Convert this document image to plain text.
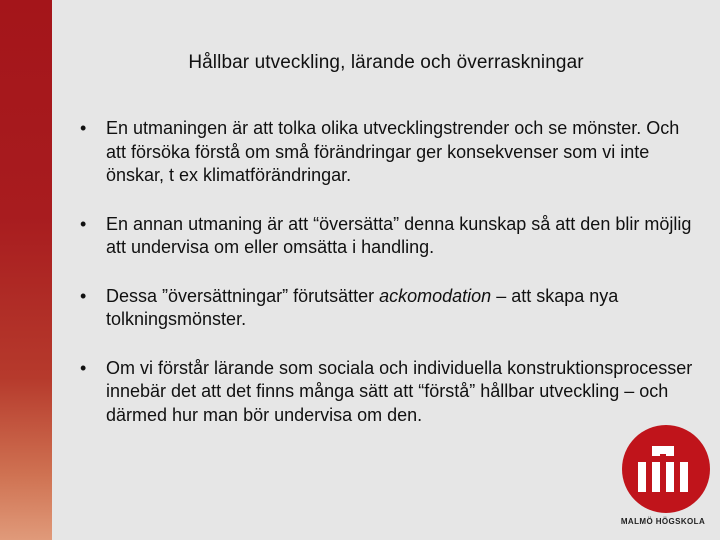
Hållbar utveckling, lärande och överraskningar
• En utmaningen är att tolka olika utvecklingstrender och se mönster. Och att försöka förstå om små förändringar ger konsekvenser som vi inte önskar, t ex klimatförändringar.
• En annan utmaning är att “översätta” denna kunskap så att den blir möjlig att undervisa om eller omsätta i handling.
• Dessa ”översättningar” förutsätter ackomodation – att skapa nya tolkningsmönster.
• Om vi förstår lärande som sociala och individuella konstruktionsprocesser innebär det att det finns många sätt att “förstå” hållbar utveckling – och därmed hur man bör undervisa om den.
MALMÖ HÖGSKOLA
